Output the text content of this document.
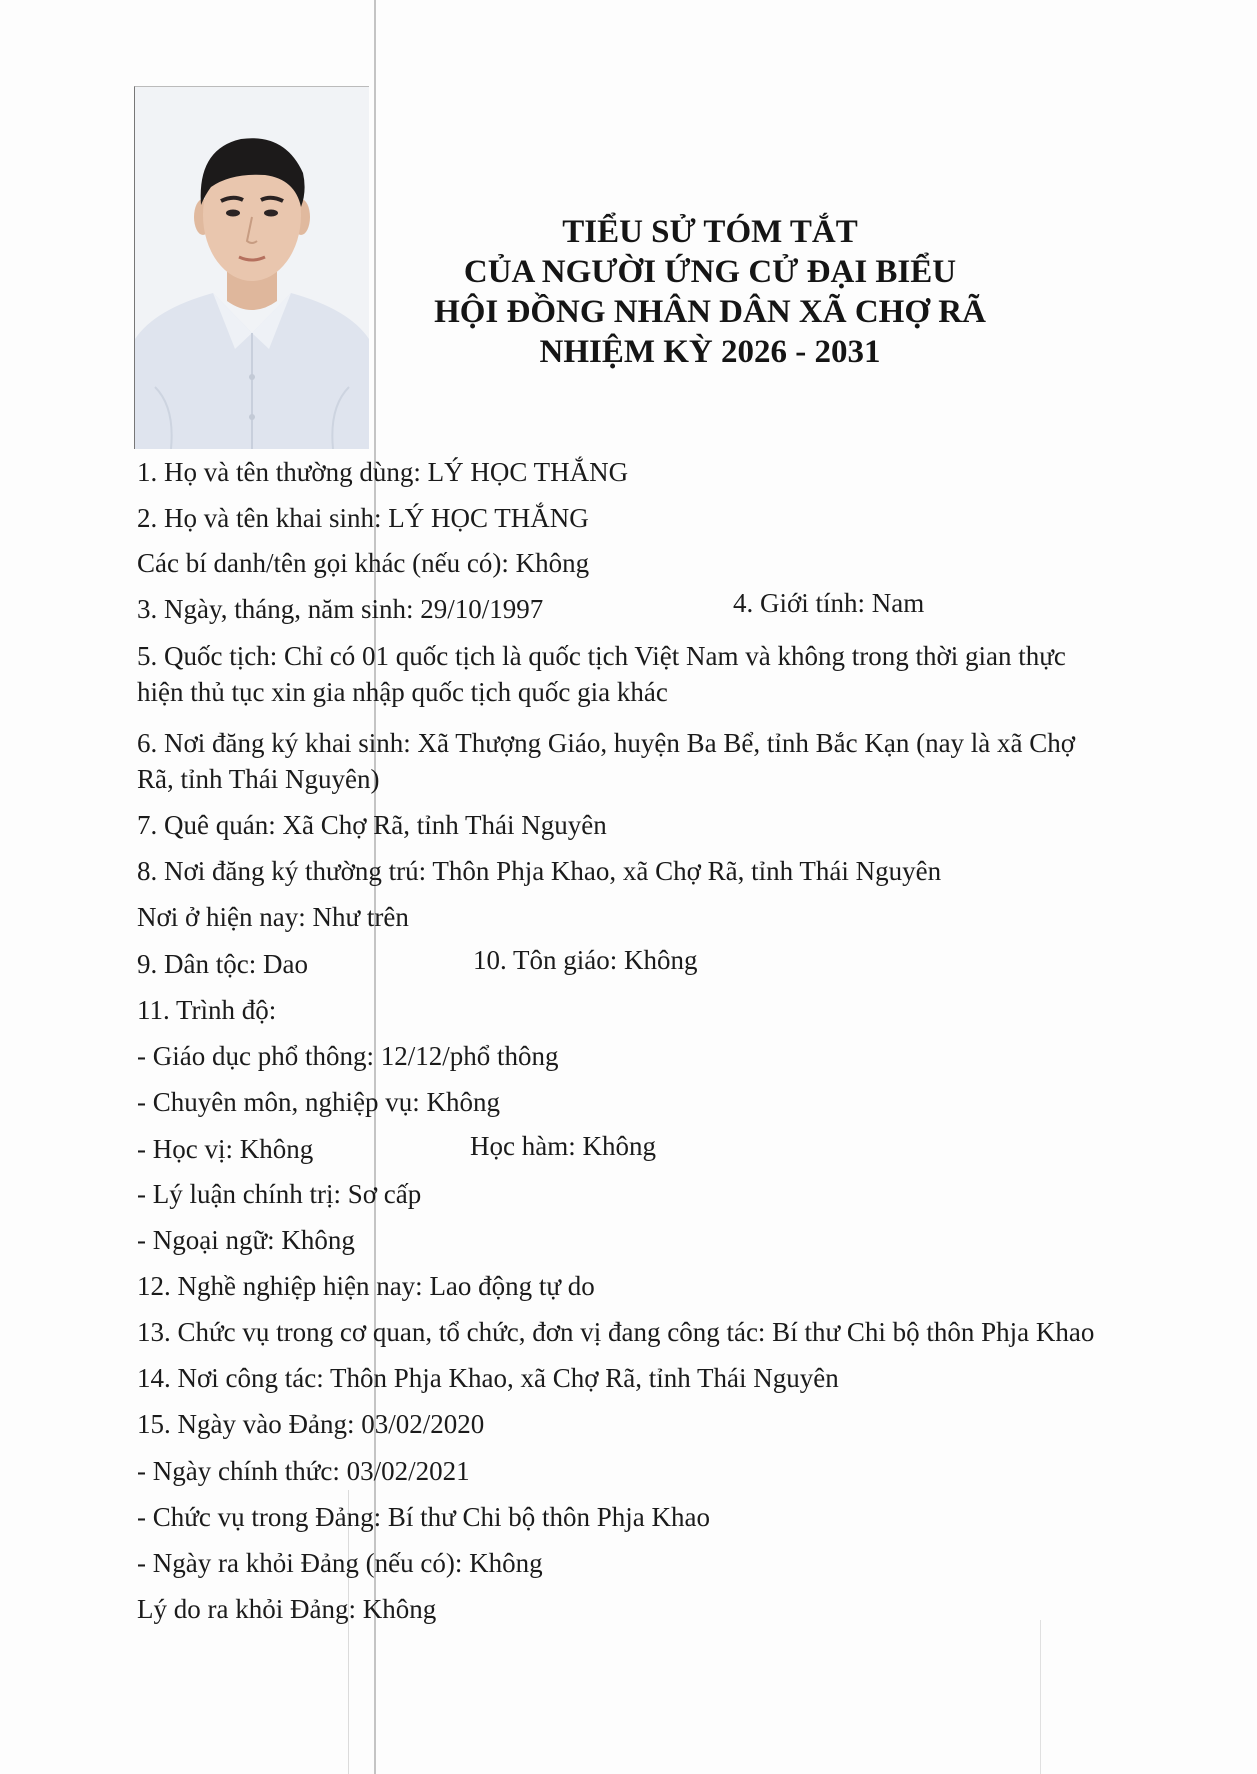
TIỂU SỬ TÓM TẮT
CỦA NGƯỜI ỨNG CỬ ĐẠI BIỂU
HỘI ĐỒNG NHÂN DÂN XÃ CHỢ RÃ
NHIỆM KỲ 2026 - 2031
1. Họ và tên thường dùng: LÝ HỌC THẮNG
2. Họ và tên khai sinh: LÝ HỌC THẮNG
Các bí danh/tên gọi khác (nếu có): Không
3. Ngày, tháng, năm sinh: 29/10/1997	4. Giới tính: Nam
5. Quốc tịch: Chỉ có 01 quốc tịch là quốc tịch Việt Nam và không trong thời gian thực
hiện thủ tục xin gia nhập quốc tịch quốc gia khác
6. Nơi đăng ký khai sinh: Xã Thượng Giáo, huyện Ba Bể, tỉnh Bắc Kạn (nay là xã Chợ
Rã, tỉnh Thái Nguyên)
7. Quê quán: Xã Chợ Rã, tỉnh Thái Nguyên
8. Nơi đăng ký thường trú: Thôn Phja Khao, xã Chợ Rã, tỉnh Thái Nguyên
Nơi ở hiện nay: Như trên
9. Dân tộc: Dao	10. Tôn giáo: Không
11. Trình độ:
- Giáo dục phổ thông: 12/12/phổ thông
- Chuyên môn, nghiệp vụ: Không
- Học vị: Không	Học hàm: Không
- Lý luận chính trị: Sơ cấp
- Ngoại ngữ: Không
12. Nghề nghiệp hiện nay: Lao động tự do
13. Chức vụ trong cơ quan, tổ chức, đơn vị đang công tác: Bí thư Chi bộ thôn Phja Khao
14. Nơi công tác: Thôn Phja Khao, xã Chợ Rã, tỉnh Thái Nguyên
15. Ngày vào Đảng: 03/02/2020
- Ngày chính thức: 03/02/2021
- Chức vụ trong Đảng: Bí thư Chi bộ thôn Phja Khao
- Ngày ra khỏi Đảng (nếu có): Không
Lý do ra khỏi Đảng: Không
